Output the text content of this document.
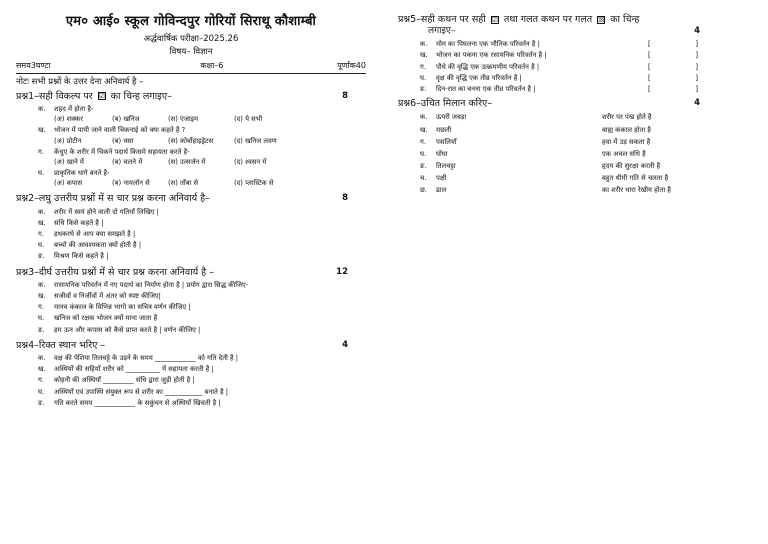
एम० आई० स्कूल गोविन्दपुर गोरियों सिराथू कौशाम्बी
अर्द्धवार्षिक परीक्षा–2025.26
विषय– विज्ञान
समय3घण्टा	कक्षा–6	पूर्णांक40
नोटः सभी प्रश्नों के उत्तर देना अनिवार्य है –
प्रश्न1–सही विकल्प पर ☑ का चिन्ह लगाइए–	8
क.	शहद में होता है-
(अ) शक्कर	(ब) खनिज	(स) एंजाइम	(द) ये सभी
ख.	भोजन में पायी जाने वाली चिकनाई को क्या कहते है ?
(अ) प्रोटीन	(ब) वसा	(स) कोर्बोहाइड्रेटस	(द) खनिज लवण
ग.	केंचुए के शरीर में चिकने पदार्थ किसमे सहायता करते है-
(अ) खाने में	(ब) चलने में	(स) उत्सर्जन में	(द) श्वसन में
घ.	प्राकृतिक धागे बनते है-
(अ) कपास	(ब) नायलॉन से	(स) तॉंबा से	(द) प्लास्टिक से
प्रश्न2–लघु उत्तरीय प्रश्नों में स चार प्रश्न करना अनिवार्य है–	8
क.	शरीर में स्वयं होने वाली दो गतियॉं लिखिए |
ख.	संधि किसे कहते है |
ग.	हथकरघे से आप क्या समझते है |
घ.	बच्चो की आवश्यकता क्यों होती है |
ङ.	मिश्रण किसे कहते है |
प्रश्न3–दीर्घ उत्तरीय प्रश्नों में से चार प्रश्न करना अनिवार्य है –	12
क.	रासायनिक परिवर्तन में नए पदार्थ का निर्माण होता है | प्रयोग द्वारा सिद्ध कीजिए-
ख.	सजीवों व निर्जीवों में अंतर को स्पष्ट कीजिए|
ग.	मानव कंकाल के विभिन्न भागो का सचित्र वर्णन कीजिए |
घ.	खनिज को रक्षक भोजन क्यों माना जाता है
ङ.	हम ऊन और कपास को कैसे प्राप्त करते है | वर्णन कीजिए |
प्रश्न4–रिक्त स्थान भरिए –	4
क.	वक्ष की पेशिया तिलचट्टे के उड़ने के समय ____________ को गति देती है |
ख.	अस्थियों की सहियाँ शरीर को __________ में सहायता करती है |
ग.	कोहनी की अस्थियाँ _________ संधि द्वारा जुड़ी होती है |
घ.	अस्थियाँ एवं उपास्थि संयुक्त रूप से शरीर का ___________ बनाते है |
ङ.	गति करते समय ____________ के सकुंचन से अस्थियाँ खिचती है |
प्रश्न5–सही कथन पर सही ☑ तथा गलत कथन पर गलत ☒ का चिन्ह
लगाइए–	4
क.	मोम का पिघलना एक भौतिक परिवर्तन है |	[	]
ख.	भोजन का पकना एक रसायनिक परिवर्तन है |	[	]
ग.	पौधे की वृद्धि एक उत्क्रमणीय परिवर्तन है |	[	]
घ.	वृक्ष की वृद्धि एक तीव्र परिवर्तन है |	[	]
ङ.	दिन-रात का बनना एक तीव्र परिवर्तन है |	[	]
प्रश्न6–उचित मिलान करिए–	4
क.	ऊपरी जबड़ा	शरीर पर पंख होते है
ख.	मछली	बाह्य कंकाल होता है
ग.	पसलियाँ	हवा में उड़ सकता है
घ.	घोंघा	एक अचल संधि है
ङ.	तिलचट्टा	हृदय की सुरक्षा करती है
च.	पक्षी	बहुत धीमी गति से चलता है
छ.	ढाल	का शरीर धारा रेखीय होता है
